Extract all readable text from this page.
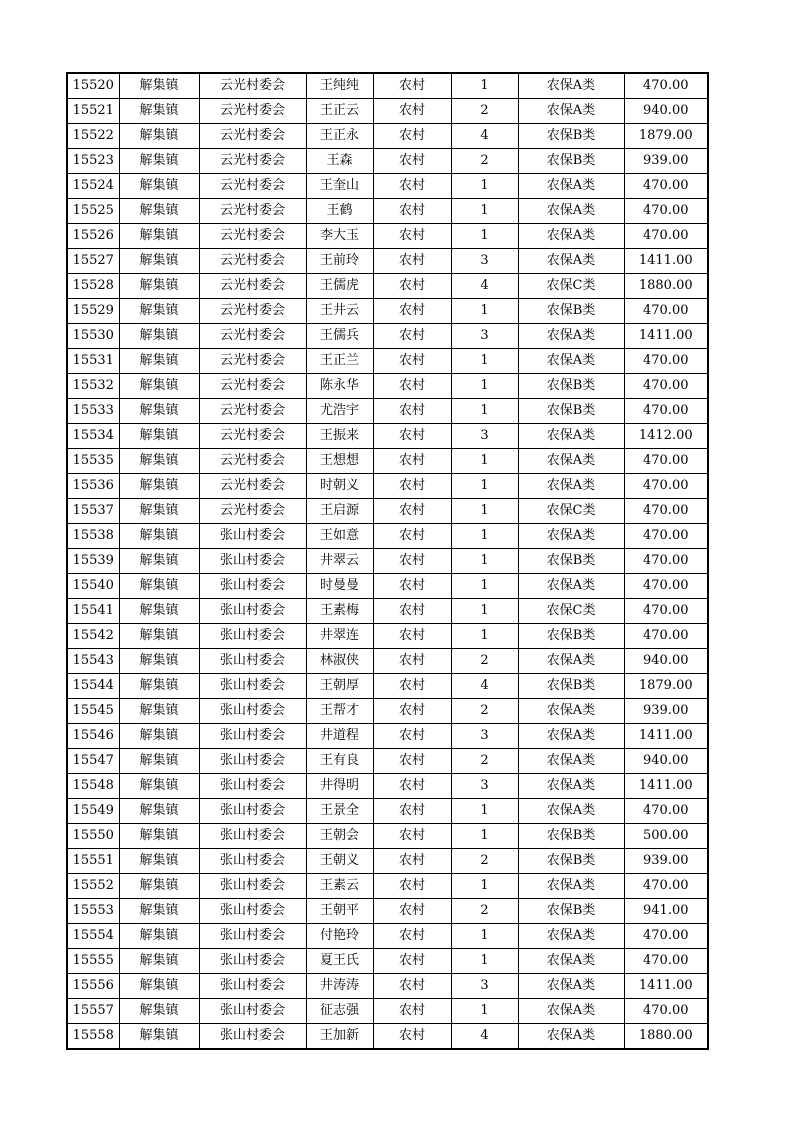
15520	解集镇	云光村委会	王纯纯	农村	1	农保A类	470.00
15521	解集镇	云光村委会	王正云	农村	2	农保A类	940.00
15522	解集镇	云光村委会	王正永	农村	4	农保B类	1879.00
15523	解集镇	云光村委会	王森	农村	2	农保B类	939.00
15524	解集镇	云光村委会	王奎山	农村	1	农保A类	470.00
15525	解集镇	云光村委会	王鹤	农村	1	农保A类	470.00
15526	解集镇	云光村委会	李大玉	农村	1	农保A类	470.00
15527	解集镇	云光村委会	王前玲	农村	3	农保A类	1411.00
15528	解集镇	云光村委会	王儒虎	农村	4	农保C类	1880.00
15529	解集镇	云光村委会	王井云	农村	1	农保B类	470.00
15530	解集镇	云光村委会	王儒兵	农村	3	农保A类	1411.00
15531	解集镇	云光村委会	王正兰	农村	1	农保A类	470.00
15532	解集镇	云光村委会	陈永华	农村	1	农保B类	470.00
15533	解集镇	云光村委会	尤浩宇	农村	1	农保B类	470.00
15534	解集镇	云光村委会	王振来	农村	3	农保A类	1412.00
15535	解集镇	云光村委会	王想想	农村	1	农保A类	470.00
15536	解集镇	云光村委会	时朝义	农村	1	农保A类	470.00
15537	解集镇	云光村委会	王启源	农村	1	农保C类	470.00
15538	解集镇	张山村委会	王如意	农村	1	农保A类	470.00
15539	解集镇	张山村委会	井翠云	农村	1	农保B类	470.00
15540	解集镇	张山村委会	时曼曼	农村	1	农保A类	470.00
15541	解集镇	张山村委会	王素梅	农村	1	农保C类	470.00
15542	解集镇	张山村委会	井翠连	农村	1	农保B类	470.00
15543	解集镇	张山村委会	林淑侠	农村	2	农保A类	940.00
15544	解集镇	张山村委会	王朝厚	农村	4	农保B类	1879.00
15545	解集镇	张山村委会	王帮才	农村	2	农保A类	939.00
15546	解集镇	张山村委会	井道程	农村	3	农保A类	1411.00
15547	解集镇	张山村委会	王有良	农村	2	农保A类	940.00
15548	解集镇	张山村委会	井得明	农村	3	农保A类	1411.00
15549	解集镇	张山村委会	王景全	农村	1	农保A类	470.00
15550	解集镇	张山村委会	王朝会	农村	1	农保B类	500.00
15551	解集镇	张山村委会	王朝义	农村	2	农保B类	939.00
15552	解集镇	张山村委会	王素云	农村	1	农保A类	470.00
15553	解集镇	张山村委会	王朝平	农村	2	农保B类	941.00
15554	解集镇	张山村委会	付艳玲	农村	1	农保A类	470.00
15555	解集镇	张山村委会	夏王氏	农村	1	农保A类	470.00
15556	解集镇	张山村委会	井涛涛	农村	3	农保A类	1411.00
15557	解集镇	张山村委会	征志强	农村	1	农保A类	470.00
15558	解集镇	张山村委会	王加新	农村	4	农保A类	1880.00
